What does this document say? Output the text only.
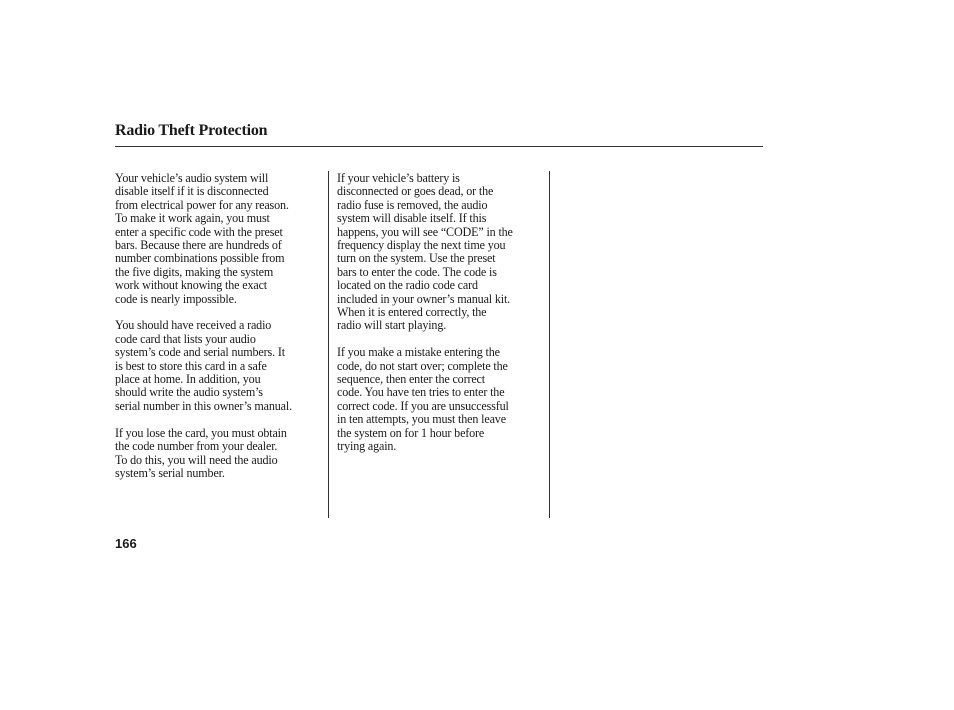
Radio Theft Protection

Your vehicle’s audio system will
disable itself if it is disconnected
from electrical power for any reason.
To make it work again, you must
enter a specific code with the preset
bars. Because there are hundreds of
number combinations possible from
the five digits, making the system
work without knowing the exact
code is nearly impossible.

You should have received a radio
code card that lists your audio
system’s code and serial numbers. It
is best to store this card in a safe
place at home. In addition, you
should write the audio system’s
serial number in this owner’s manual.

If you lose the card, you must obtain
the code number from your dealer.
To do this, you will need the audio
system’s serial number.

If your vehicle’s battery is
disconnected or goes dead, or the
radio fuse is removed, the audio
system will disable itself. If this
happens, you will see “CODE” in the
frequency display the next time you
turn on the system. Use the preset
bars to enter the code. The code is
located on the radio code card
included in your owner’s manual kit.
When it is entered correctly, the
radio will start playing.

If you make a mistake entering the
code, do not start over; complete the
sequence, then enter the correct
code. You have ten tries to enter the
correct code. If you are unsuccessful
in ten attempts, you must then leave
the system on for 1 hour before
trying again.

166
